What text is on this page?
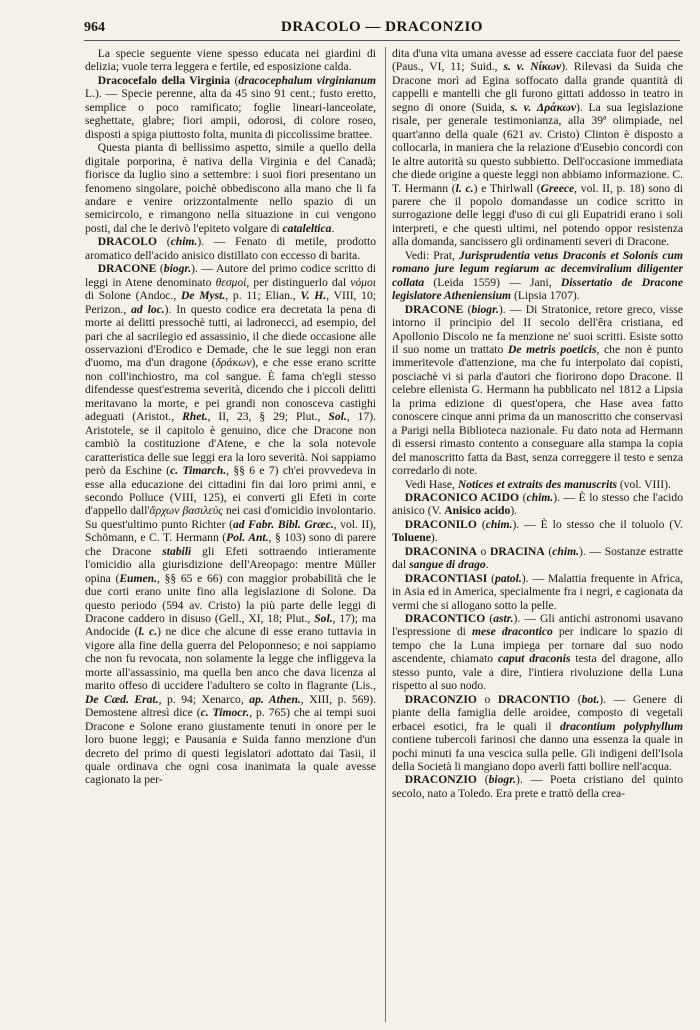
964	DRACOLO — DRACONZIO

La specie seguente viene spesso educata nei giardini di delizia; vuole terra leggera e fertile, ed esposizione calda.

Dracocefalo della Virginia (dracocephalum virginianum L.). — Specie perenne, alta da 45 sino 91 cent.; fusto eretto, semplice o poco ramificato; foglie lineari-lanceolate, seghettate, glabre; fiori ampii, odorosi, di colore roseo, disposti a spiga piuttosto folta, munita di piccolissime brattee.

Questa pianta di bellissimo aspetto, simile a quello della digitale porporina, è nativa della Virginia e del Canadà; fiorisce da luglio sino a settembre: i suoi fiori presentano un fenomeno singolare, poichè obbediscono alla mano che li fa andare e venire orizzontalmente nello spazio di un semicircolo, e rimangono nella situazione in cui vengono posti, dal che le derivò l'epiteto volgare di cataleltica.

DRACOLO (chim.). — Fenato di metile, prodotto aromatico dell'acido anisico distillato con eccesso di barita.

DRACONE (biogr.). — Autore del primo codice scritto di leggi in Atene denominato θεσμοὶ, per distinguerlo dal νόμοι di Solone (Andoc., De Myst., p. 11; Elian., V. H., VIII, 10; Perizon., ad loc.). In questo codice era decretata la pena di morte ai delitti pressochè tutti, ai ladronecci, ad esempio, del pari che al sacrilegio ed assassinio, il che diede occasione alle osservazioni d'Erodico e Demade, che le sue leggi non eran d'uomo, ma d'un dragone (δράκων), e che esse erano scritte non coll'inchiostro, ma col sangue. È fama ch'egli stesso difendesse quest'estrema severità, dicendo che i piccoli delitti meritavano la morte, e pei grandi non conosceva castighi adeguati (Aristot., Rhet., II, 23, § 29; Plut., Sol., 17). Aristotele, se il capitolo è genuino, dice che Dracone non cambiò la costituzione d'Atene, e che la sola notevole caratteristica delle sue leggi era la loro severità. Noi sappiamo però da Eschine (c. Timarch., §§ 6 e 7) ch'ei provvedeva in esse alla educazione dei cittadini fin dai loro primi anni, e secondo Polluce (VIII, 125), ei converti gli Efeti in corte d'appello dall'ἄρχων βασιλεὺς nei casi d'omicidio involontario. Su quest'ultimo punto Richter (ad Fabr. Bibl. Græc., vol. II), Schömann, e C. T. Hermann (Pol. Ant., § 103) sono di parere che Dracone stabilì gli Efeti sottraendo intieramente l'omicidio alla giurisdizione dell'Areopago: mentre Müller opina (Eumen., §§ 65 e 66) con maggior probabilità che le due corti erano unite fino alla legislazione di Solone. Da questo periodo (594 av. Cristo) la più parte delle leggi di Dracone caddero in disuso (Gell., XI, 18; Plut., Sol., 17); ma Andocide (l. c.) ne dice che alcune di esse erano tuttavia in vigore alla fine della guerra del Peloponneso; e noi sappiamo che non fu revocata, non solamente la legge che infliggeva la morte all'assassinio, ma quella ben anco che dava licenza al marito offeso di uccidere l'adultero se colto in flagrante (Lis., De Cæd. Erat., p. 94; Xenarco, ap. Athen., XIII, p. 569). Demostene altresì dice (c. Timocr., p. 765) che ai tempi suoi Dracone e Solone erano giustamente tenuti in onore per le loro buone leggi; e Pausania e Suida fanno menzione d'un decreto del primo di questi legislatori adottato dai Tasii, il quale ordinava che ogni cosa inanimata la quale avesse cagionato la per-

dita d'una vita umana avesse ad essere cacciata fuor del paese (Paus., VI, 11; Suid., s. v. Νίκων). Rilevasi da Suida che Dracone morì ad Egina soffocato dalla grande quantità di cappelli e mantelli che gli furono gittati addosso in teatro in segno di onore (Suida, s. v. Δράκων). La sua legislazione risale, per generale testimonianza, alla 39ª olimpiade, nel quart'anno della quale (621 av. Cristo) Clinton è disposto a collocarla, in maniera che la relazione d'Eusebio concordi con le altre autorità su questo subbietto. Dell'occasione immediata che diede origine a queste leggi non abbiamo informazione. C. T. Hermann (l. c.) e Thirlwall (Greece, vol. II, p. 18) sono di parere che il popolo domandasse un codice scritto in surrogazione delle leggi d'uso di cui gli Eupatridi erano i soli interpreti, e che questi ultimi, nel potendo oppor resistenza alla domanda, sancissero gli ordinamenti severi di Dracone.

Vedi: Prat, Jurisprudentia vetus Draconis et Solonis cum romano jure legum regiarum ac decemviralium diligenter collata (Leida 1559) — Jani, Dissertatio de Dracone legislatore Atheniensium (Lipsia 1707).

DRACONE (biogr.). — Di Stratonice, retore greco, visse intorno il principio del II secolo dell'êra cristiana, ed Apollonio Discolo ne fa menzione ne' suoi scritti. Esiste sotto il suo nome un trattato De metris poeticis, che non è punto immeritevole d'attenzione, ma che fu interpolato dai copisti, posciachè vi si parla d'autori che fiorirono dopo Dracone. Il celebre ellenista G. Hermann ha pubblicato nel 1812 a Lipsia la prima edizione di quest'opera, che Hase avea fatto conoscere cinque anni prima da un manoscritto che conservasi a Parigi nella Biblioteca nazionale. Fu dato nota ad Hermann di essersi rimasto contento a conseguare alla stampa la copia del manoscritto fatta da Bast, senza correggere il testo e senza corredarlo di note.

Vedi Hase, Notices et extraits des manuscrits (vol. VIII).

DRACONICO ACIDO (chim.). — È lo stesso che l'acido anisico (V. Anisico acido).

DRACONILO (chim.). — È lo stesso che il toluolo (V. Toluene).

DRACONINA o DRACINA (chim.). — Sostanze estratte dal sangue di drago.

DRACONTIASI (patol.). — Malattia frequente in Africa, in Asia ed in America, specialmente fra i negri, e cagionata da vermi che si allogano sotto la pelle.

DRACONTICO (astr.). — Gli antichi astronomi usavano l'espressione di mese dracontico per indicare lo spazio di tempo che la Luna impiega per tornare dal suo nodo ascendente, chiamato caput draconis testa del dragone, allo stesso punto, vale a dire, l'intiera rivoluzione della Luna rispetto al suo nodo.

DRACONZIO o DRACONTIO (bot.). — Genere di piante della famiglia delle aroidee, composto di vegetali erbacei esotici, fra le quali il dracontium polyphyllum contiene tubercoli farinosi che danno una essenza la quale in pochi minuti fa una vescica sulla pelle. Gli indigeni dell'Isola della Società li mangiano dopo averli fatti bollire nell'acqua.

DRACONZIO (biogr.). — Poeta cristiano del quinto secolo, nato a Toledo. Era prete e trattò della crea-
